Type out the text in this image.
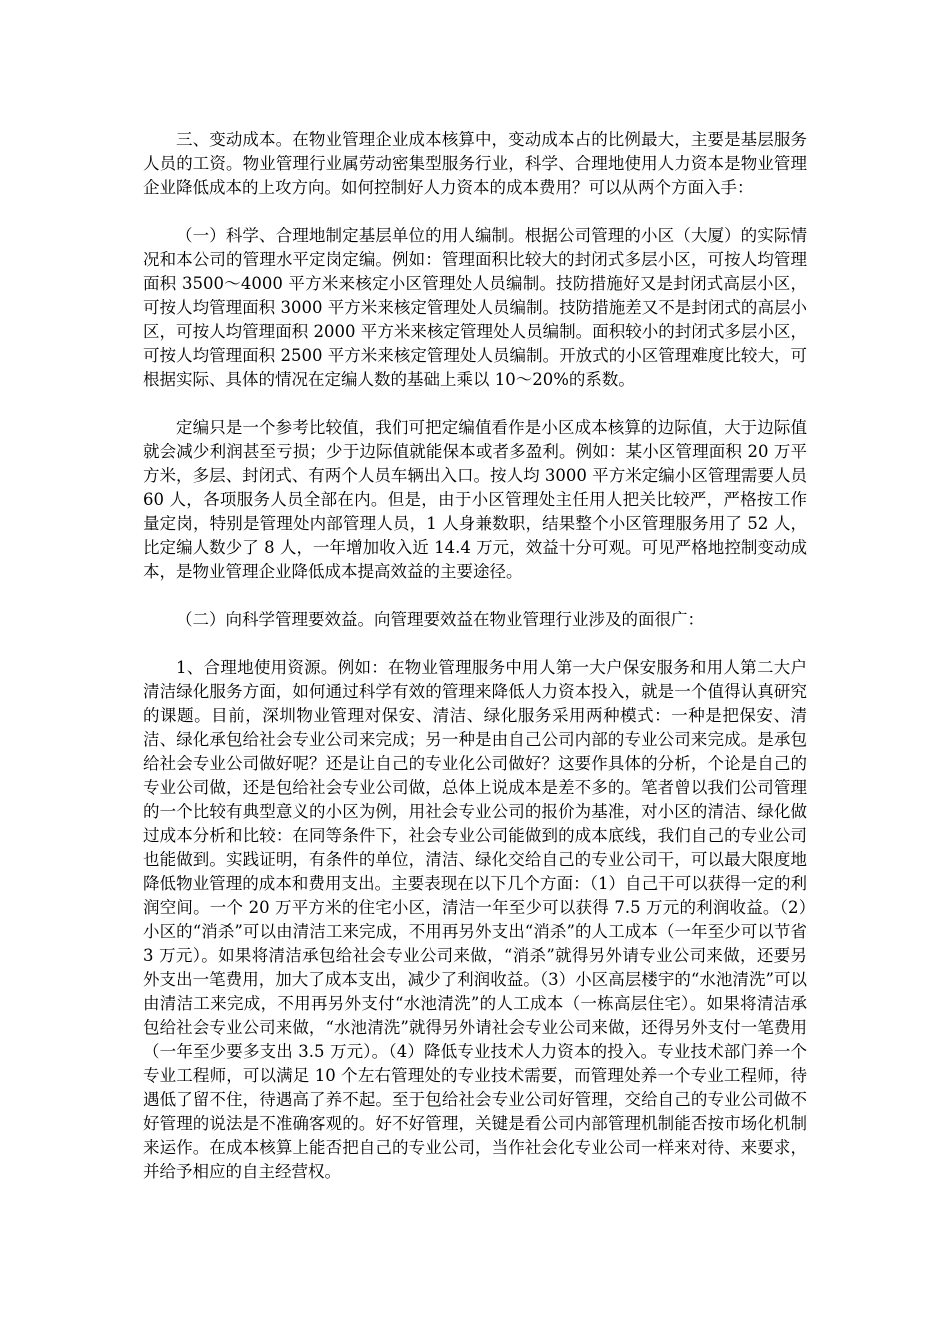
三、变动成本。在物业管理企业成本核算中，变动成本占的比例最大，主要是基层服务人员的工资。物业管理行业属劳动密集型服务行业，科学、合理地使用人力资本是物业管理企业降低成本的上攻方向。如何控制好人力资本的成本费用？可以从两个方面入手：

（一）科学、合理地制定基层单位的用人编制。根据公司管理的小区（大厦）的实际情况和本公司的管理水平定岗定编。例如：管理面积比较大的封闭式多层小区，可按人均管理面积 3500～4000 平方米来核定小区管理处人员编制。技防措施好又是封闭式高层小区，可按人均管理面积 3000 平方米来核定管理处人员编制。技防措施差又不是封闭式的高层小区，可按人均管理面积 2000 平方米来核定管理处人员编制。面积较小的封闭式多层小区，可按人均管理面积 2500 平方米来核定管理处人员编制。开放式的小区管理难度比较大，可根据实际、具体的情况在定编人数的基础上乘以 10～20%的系数。

定编只是一个参考比较值，我们可把定编值看作是小区成本核算的边际值，大于边际值就会减少利润甚至亏损；少于边际值就能保本或者多盈利。例如：某小区管理面积 20 万平方米，多层、封闭式、有两个人员车辆出入口。按人均 3000 平方米定编小区管理需要人员 60 人，各项服务人员全部在内。但是，由于小区管理处主任用人把关比较严，严格按工作量定岗，特别是管理处内部管理人员，1 人身兼数职，结果整个小区管理服务用了 52 人，比定编人数少了 8 人，一年增加收入近 14.4 万元，效益十分可观。可见严格地控制变动成本，是物业管理企业降低成本提高效益的主要途径。

（二）向科学管理要效益。向管理要效益在物业管理行业涉及的面很广：

1、合理地使用资源。例如：在物业管理服务中用人第一大户保安服务和用人第二大户清洁绿化服务方面，如何通过科学有效的管理来降低人力资本投入，就是一个值得认真研究的课题。目前，深圳物业管理对保安、清洁、绿化服务采用两种模式：一种是把保安、清洁、绿化承包给社会专业公司来完成；另一种是由自己公司内部的专业公司来完成。是承包给社会专业公司做好呢？还是让自己的专业化公司做好？这要作具体的分析，个论是自己的专业公司做，还是包给社会专业公司做，总体上说成本是差不多的。笔者曾以我们公司管理的一个比较有典型意义的小区为例，用社会专业公司的报价为基准，对小区的清洁、绿化做过成本分析和比较：在同等条件下，社会专业公司能做到的成本底线，我们自己的专业公司也能做到。实践证明，有条件的单位，清洁、绿化交给自己的专业公司干，可以最大限度地降低物业管理的成本和费用支出。主要表现在以下几个方面：（1）自己干可以获得一定的利润空间。一个 20 万平方米的住宅小区，清洁一年至少可以获得 7.5 万元的利润收益。（2）小区的“消杀”可以由清洁工来完成，不用再另外支出“消杀”的人工成本（一年至少可以节省 3 万元）。如果将清洁承包给社会专业公司来做，“消杀”就得另外请专业公司来做，还要另外支出一笔费用，加大了成本支出，减少了利润收益。（3）小区高层楼宇的“水池清洗”可以由清洁工来完成，不用再另外支付“水池清洗”的人工成本（一栋高层住宅）。如果将清洁承包给社会专业公司来做，“水池清洗”就得另外请社会专业公司来做，还得另外支付一笔费用（一年至少要多支出 3.5 万元）。（4）降低专业技术人力资本的投入。专业技术部门养一个专业工程师，可以满足 10 个左右管理处的专业技术需要，而管理处养一个专业工程师，待遇低了留不住，待遇高了养不起。至于包给社会专业公司好管理，交给自己的专业公司做不好管理的说法是不准确客观的。好不好管理，关键是看公司内部管理机制能否按市场化机制来运作。在成本核算上能否把自己的专业公司，当作社会化专业公司一样来对待、来要求，并给予相应的自主经营权。
